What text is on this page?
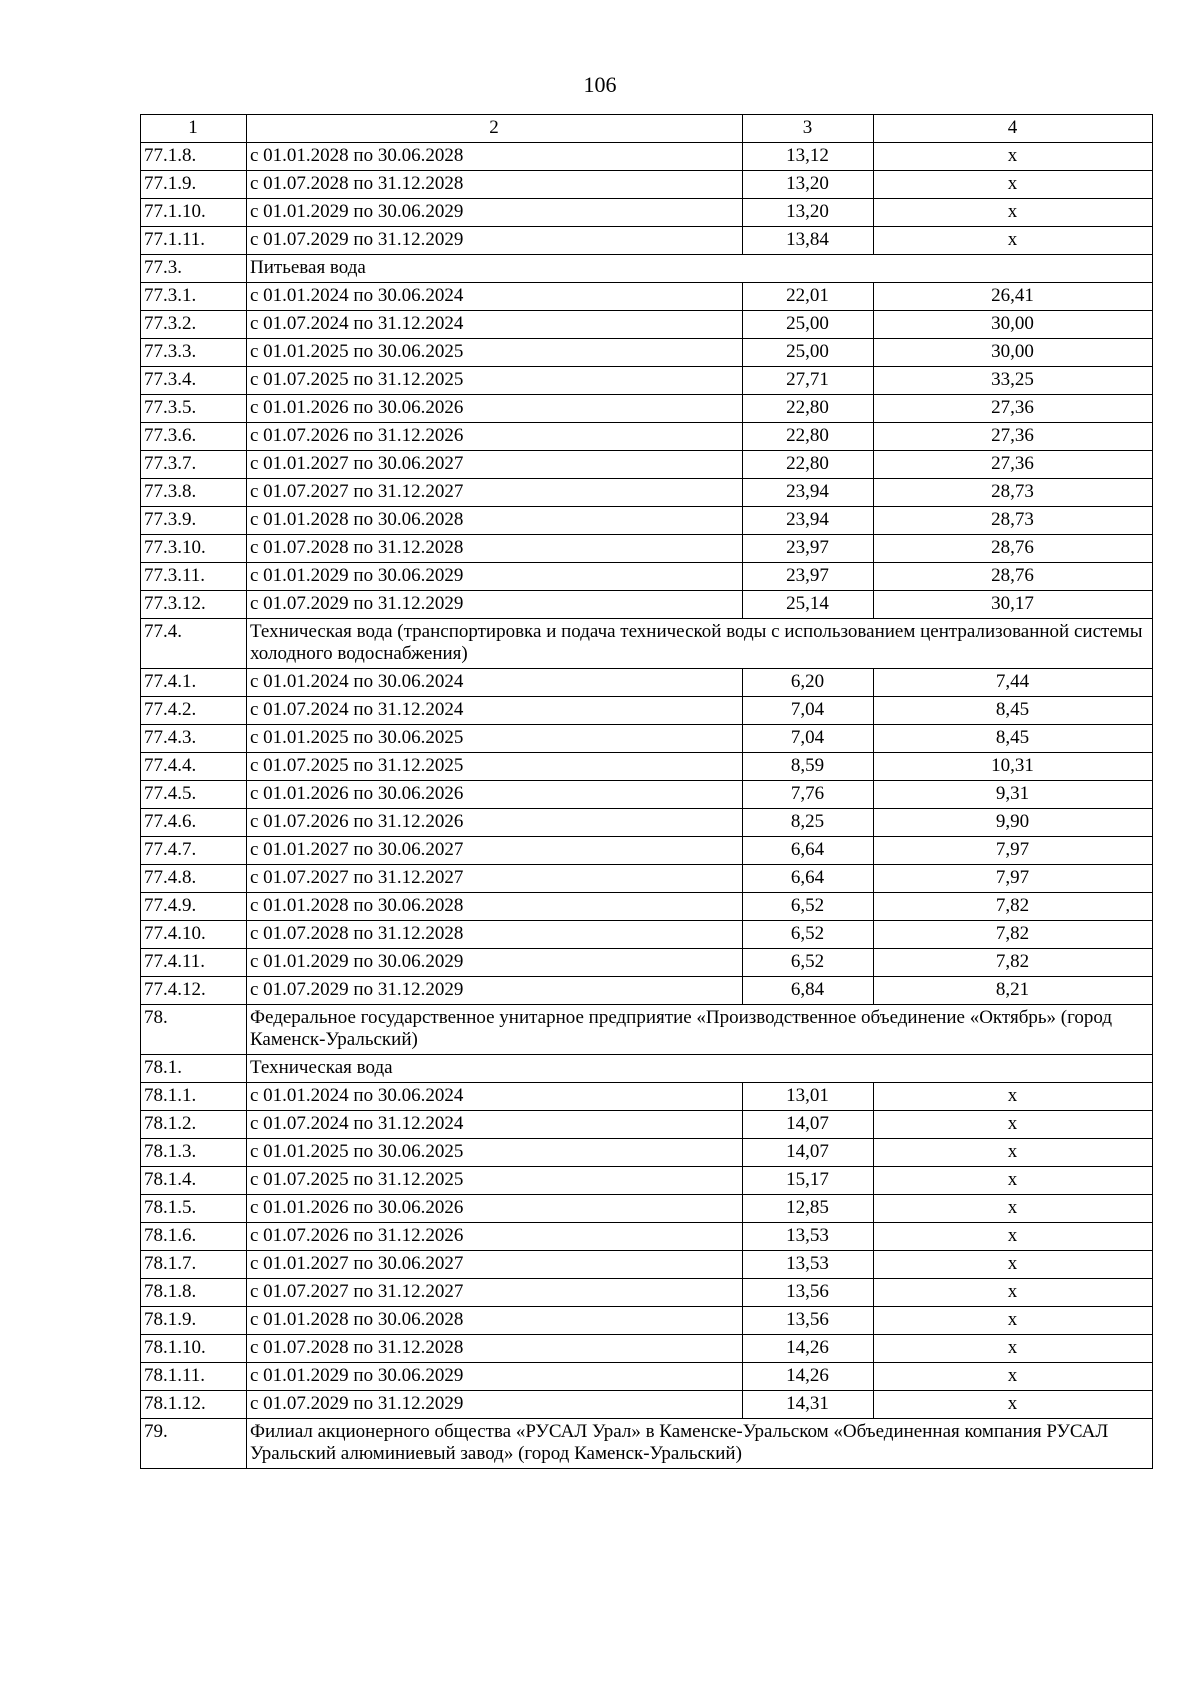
106
1	2	3	4
77.1.8.	с 01.01.2028 по 30.06.2028	13,12	х
77.1.9.	с 01.07.2028 по 31.12.2028	13,20	х
77.1.10.	с 01.01.2029 по 30.06.2029	13,20	х
77.1.11.	с 01.07.2029 по 31.12.2029	13,84	х
77.3.	Питьевая вода		
77.3.1.	с 01.01.2024 по 30.06.2024	22,01	26,41
77.3.2.	с 01.07.2024 по 31.12.2024	25,00	30,00
77.3.3.	с 01.01.2025 по 30.06.2025	25,00	30,00
77.3.4.	с 01.07.2025 по 31.12.2025	27,71	33,25
77.3.5.	с 01.01.2026 по 30.06.2026	22,80	27,36
77.3.6.	с 01.07.2026 по 31.12.2026	22,80	27,36
77.3.7.	с 01.01.2027 по 30.06.2027	22,80	27,36
77.3.8.	с 01.07.2027 по 31.12.2027	23,94	28,73
77.3.9.	с 01.01.2028 по 30.06.2028	23,94	28,73
77.3.10.	с 01.07.2028 по 31.12.2028	23,97	28,76
77.3.11.	с 01.01.2029 по 30.06.2029	23,97	28,76
77.3.12.	с 01.07.2029 по 31.12.2029	25,14	30,17
77.4.	Техническая вода (транспортировка и подача технической воды с использованием централизованной системы холодного водоснабжения)		
77.4.1.	с 01.01.2024 по 30.06.2024	6,20	7,44
77.4.2.	с 01.07.2024 по 31.12.2024	7,04	8,45
77.4.3.	с 01.01.2025 по 30.06.2025	7,04	8,45
77.4.4.	с 01.07.2025 по 31.12.2025	8,59	10,31
77.4.5.	с 01.01.2026 по 30.06.2026	7,76	9,31
77.4.6.	с 01.07.2026 по 31.12.2026	8,25	9,90
77.4.7.	с 01.01.2027 по 30.06.2027	6,64	7,97
77.4.8.	с 01.07.2027 по 31.12.2027	6,64	7,97
77.4.9.	с 01.01.2028 по 30.06.2028	6,52	7,82
77.4.10.	с 01.07.2028 по 31.12.2028	6,52	7,82
77.4.11.	с 01.01.2029 по 30.06.2029	6,52	7,82
77.4.12.	с 01.07.2029 по 31.12.2029	6,84	8,21
78.	Федеральное государственное унитарное предприятие «Производственное объединение «Октябрь» (город Каменск-Уральский)		
78.1.	Техническая вода		
78.1.1.	с 01.01.2024 по 30.06.2024	13,01	х
78.1.2.	с 01.07.2024 по 31.12.2024	14,07	х
78.1.3.	с 01.01.2025 по 30.06.2025	14,07	х
78.1.4.	с 01.07.2025 по 31.12.2025	15,17	х
78.1.5.	с 01.01.2026 по 30.06.2026	12,85	х
78.1.6.	с 01.07.2026 по 31.12.2026	13,53	х
78.1.7.	с 01.01.2027 по 30.06.2027	13,53	х
78.1.8.	с 01.07.2027 по 31.12.2027	13,56	х
78.1.9.	с 01.01.2028 по 30.06.2028	13,56	х
78.1.10.	с 01.07.2028 по 31.12.2028	14,26	х
78.1.11.	с 01.01.2029 по 30.06.2029	14,26	х
78.1.12.	с 01.07.2029 по 31.12.2029	14,31	х
79.	Филиал акционерного общества «РУСАЛ Урал» в Каменске-Уральском «Объединенная компания РУСАЛ Уральский алюминиевый завод» (город Каменск-Уральский)		
